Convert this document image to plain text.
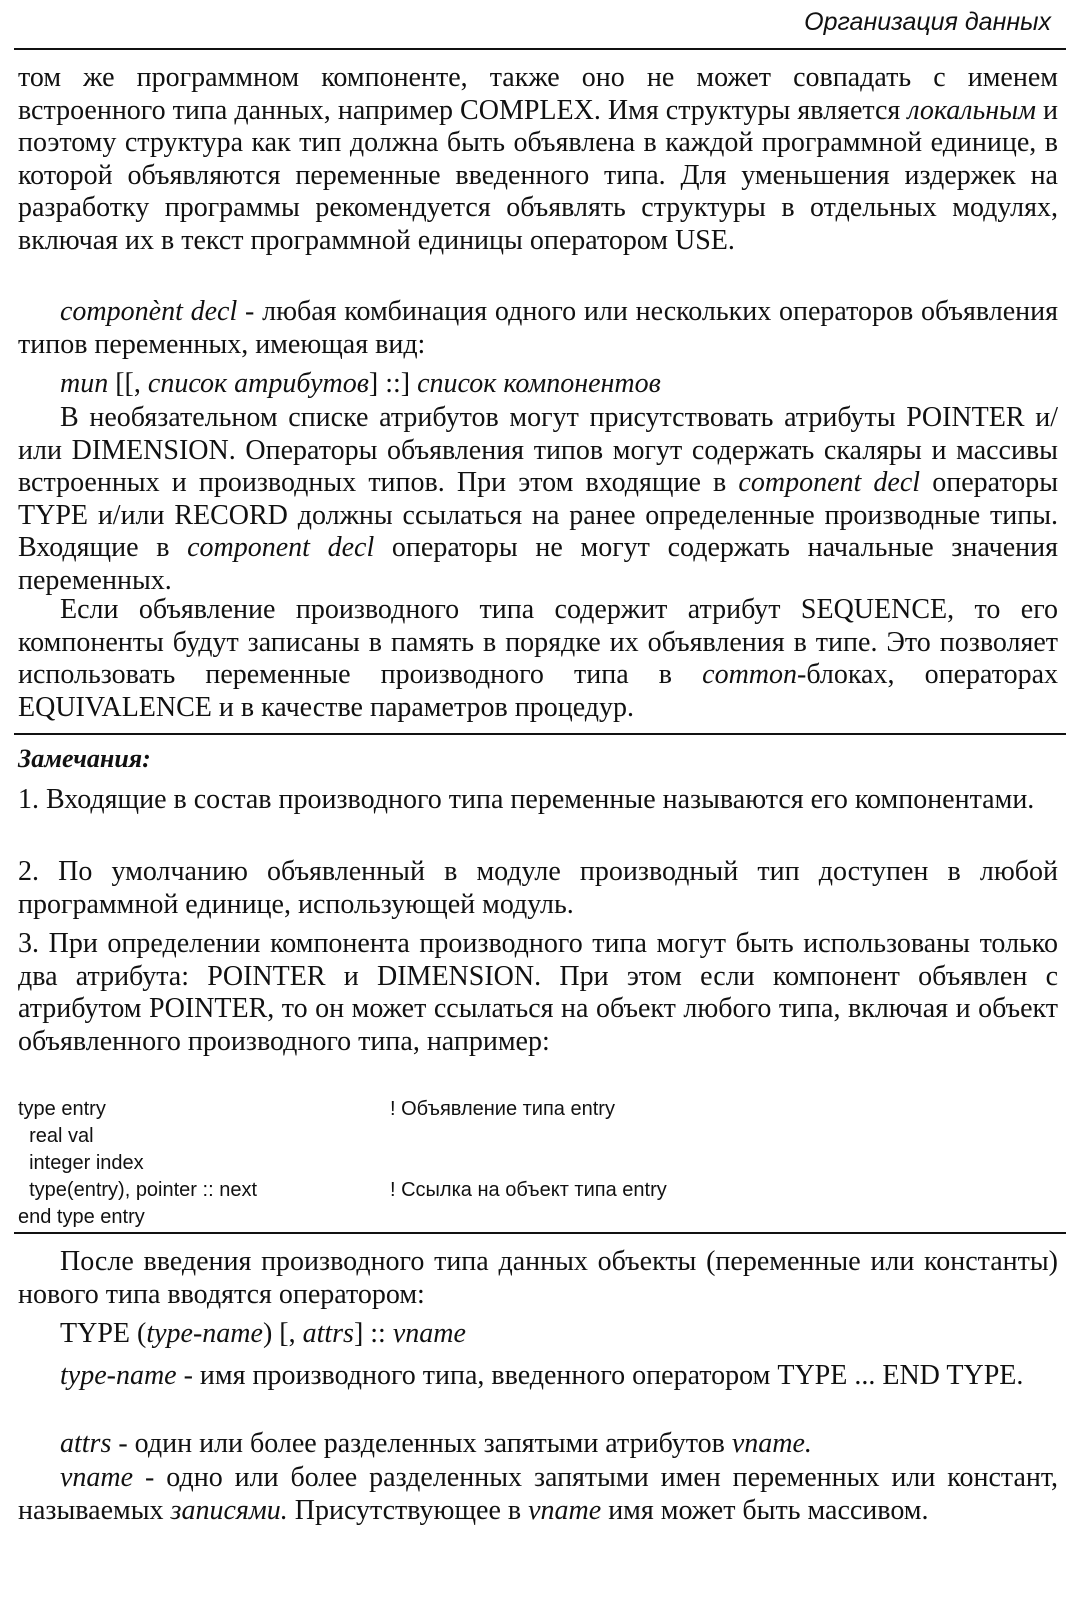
Организация данных

том же программном компоненте, также оно не может совпадать с именем встроенного типа данных, например COMPLEX. Имя структуры является локальным и поэтому структура как тип должна быть объявлена в каждой программной единице, в которой объявляются переменные введенного типа. Для уменьшения издержек на разработку программы рекомендуется объявлять структуры в отдельных модулях, включая их в текст программной единицы оператором USE.

componènt decl - любая комбинация одного или нескольких операторов объявления типов переменных, имеющая вид:

тип [[, список атрибутов] ::] список компонентов

В необязательном списке атрибутов могут присутствовать атрибуты POINTER и/или DIMENSION. Операторы объявления типов могут содержать скаляры и массивы встроенных и производных типов. При этом входящие в component decl операторы TYPE и/или RECORD должны ссылаться на ранее определенные производные типы. Входящие в component decl операторы не могут содержать начальные значения переменных.

Если объявление производного типа содержит атрибут SEQUENCE, то его компоненты будут записаны в память в порядке их объявления в типе. Это позволяет использовать переменные производного типа в common-блоках, операторах EQUIVALENCE и в качестве параметров процедур.

Замечания:

1. Входящие в состав производного типа переменные называются его компонентами.

2. По умолчанию объявленный в модуле производный тип доступен в любой программной единице, использующей модуль.

3. При определении компонента производного типа могут быть использованы только два атрибута: POINTER и DIMENSION. При этом если компонент объявлен с атрибутом POINTER, то он может ссылаться на объект любого типа, включая и объект объявленного производного типа, например:

type entry	! Объявление типа entry
real val
integer index
type(entry), pointer :: next	! Ссылка на объект типа entry
end type entry

После введения производного типа данных объекты (переменные или константы) нового типа вводятся оператором:

TYPE (type-name) [, attrs] :: vname

type-name - имя производного типа, введенного оператором TYPE ... END TYPE.

attrs - один или более разделенных запятыми атрибутов vname.

vname - одно или более разделенных запятыми имен переменных или констант, называемых записями. Присутствующее в vname имя может быть массивом.
